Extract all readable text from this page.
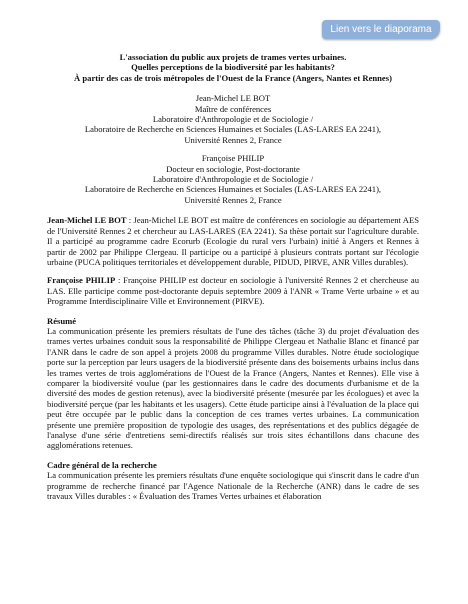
Lien vers le diaporama
L'association du public aux projets de trames vertes urbaines.
Quelles perceptions de la biodiversité par les habitants?
À partir des cas de trois métropoles de l'Ouest de la France (Angers, Nantes et Rennes)
Jean-Michel LE BOT
Maître de conférences
Laboratoire d'Anthropologie et de Sociologie /
Laboratoire de Recherche en Sciences Humaines et Sociales (LAS-LARES EA 2241),
Université Rennes 2, France
Françoise PHILIP
Docteur en sociologie, Post-doctorante
Laboratoire d'Anthropologie et de Sociologie /
Laboratoire de Recherche en Sciences Humaines et Sociales (LAS-LARES EA 2241),
Université Rennes 2, France
Jean-Michel LE BOT : Jean-Michel LE BOT est maître de conférences en sociologie au département AES de l'Université Rennes 2 et chercheur au LAS-LARES (EA 2241). Sa thèse portait sur l'agriculture durable. Il a participé au programme cadre Ecorurb (Ecologie du rural vers l'urbain) initié à Angers et Rennes à partir de 2002 par Philippe Clergeau. Il participe ou a participé à plusieurs contrats portant sur l'écologie urbaine (PUCA politiques territoriales et développement durable, PIDUD, PIRVE, ANR Villes durables).
Françoise PHILIP : Françoise PHILIP est docteur en sociologie à l'université Rennes 2 et chercheuse au LAS. Elle participe comme post-doctorante depuis septembre 2009 à l'ANR « Trame Verte urbaine » et au Programme Interdisciplinaire Ville et Environnement (PIRVE).
Résumé
La communication présente les premiers résultats de l'une des tâches (tâche 3) du projet d'évaluation des trames vertes urbaines conduit sous la responsabilité de Philippe Clergeau et Nathalie Blanc et financé par l'ANR dans le cadre de son appel à projets 2008 du programme Villes durables. Notre étude sociologique porte sur la perception par leurs usagers de la biodiversité présente dans des boisements urbains inclus dans les trames vertes de trois agglomérations de l'Ouest de la France (Angers, Nantes et Rennes). Elle vise à comparer la biodiversité voulue (par les gestionnaires dans le cadre des documents d'urbanisme et de la diversité des modes de gestion retenus), avec la biodiversité présente (mesurée par les écologues) et avec la biodiversité perçue (par les habitants et les usagers). Cette étude participe ainsi à l'évaluation de la place qui peut être occupée par le public dans la conception de ces trames vertes urbaines. La communication présente une première proposition de typologie des usages, des représentations et des publics dégagée de l'analyse d'une série d'entretiens semi-directifs réalisés sur trois sites échantillons dans chacune des agglomérations retenues.
Cadre général de la recherche
La communication présente les premiers résultats d'une enquête sociologique qui s'inscrit dans le cadre d'un programme de recherche financé par l'Agence Nationale de la Recherche (ANR) dans le cadre de ses travaux Villes durables : « Évaluation des Trames Vertes urbaines et élaboration
